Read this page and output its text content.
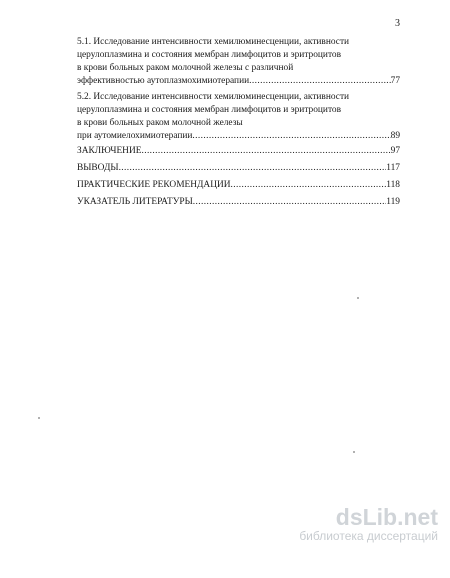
3
5.1. Исследование интенсивности хемилюминесценции, активности
церулоплазмина и состояния мембран лимфоцитов и эритроцитов
в крови больных раком молочной железы с различной
эффективностью аутоплазмохимиотерапии .....	77
5.2. Исследование интенсивности хемилюминесценции, активности
церулоплазмина и состояния мембран лимфоцитов и эритроцитов
в крови больных раком молочной железы
при аутомиелохимиотерапии .....	89
ЗАКЛЮЧЕНИЕ .....	97
ВЫВОДЫ .....	117
ПРАКТИЧЕСКИЕ РЕКОМЕНДАЦИИ .....	118
УКАЗАТЕЛЬ ЛИТЕРАТУРЫ .....	119
dsLib.net
библиотека диссертаций
